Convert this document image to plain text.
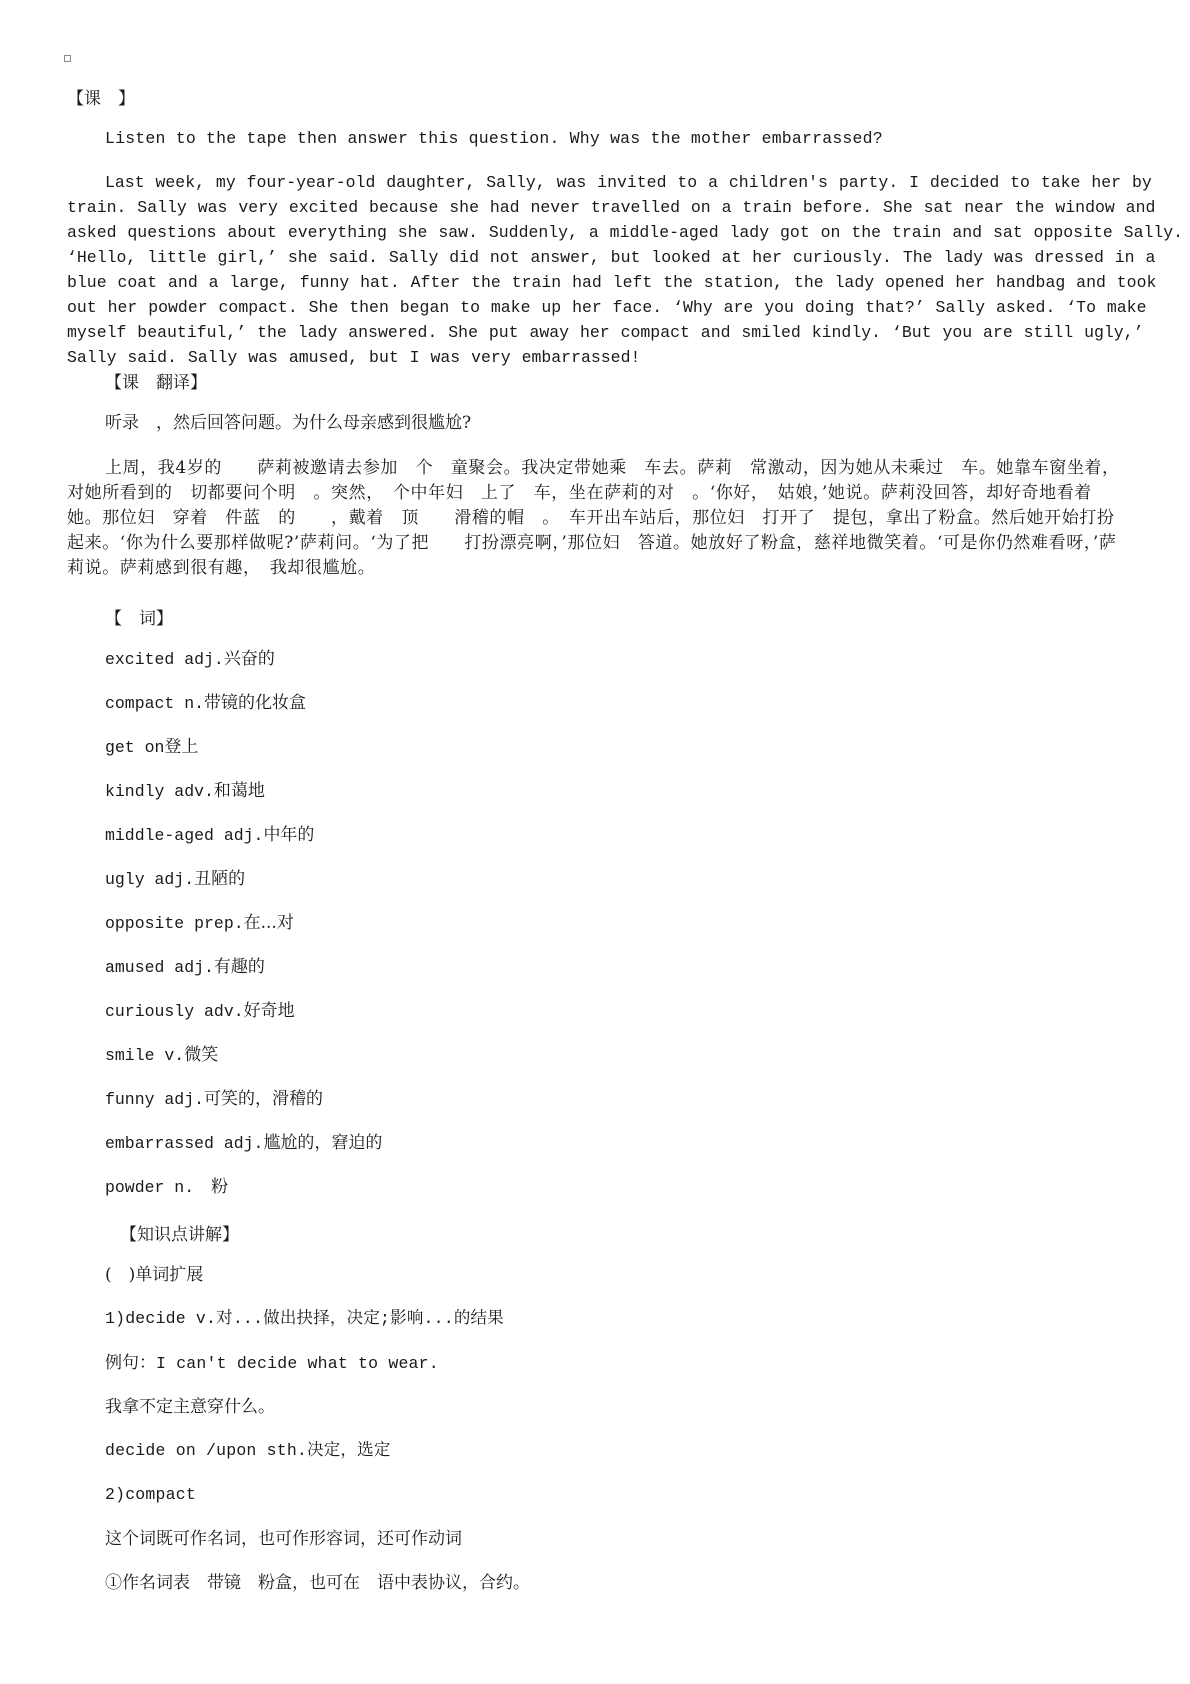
【课　】
Listen to the tape then answer this question. Why was the mother embarrassed?
Last week, my four-year-old daughter, Sally, was invited to a children's party. I decided to take her by train. Sally was very excited because she had never travelled on a train before. She sat near the window and asked questions about everything she saw. Suddenly, a middle-aged lady got on the train and sat opposite Sally. ‘Hello, little girl,’ she said. Sally did not answer, but looked at her curiously. The lady was dressed in a blue coat and a large, funny hat. After the train had left the station, the lady opened her handbag and took out her powder compact. She then began to make up her face. ‘Why are you doing that?’ Sally asked. ‘To make myself beautiful,’ the lady answered. She put away her compact and smiled kindly. ‘But you are still ugly,’ Sally said. Sally was amused, but I was very embarrassed!
【课　翻译】
听录　，然后回答问题。为什么母亲感到很尴尬?
上周，我4岁的　　萨莉被邀请去参加　个　童聚会。我决定带她乘　车去。萨莉　常激动，因为她从未乘过　车。她靠车窗坐着，对她所看到的　切都要问个明　。突然，　个中年妇　上了　车，坐在萨莉的对　。‘你好，　姑娘，’她说。萨莉没回答，却好奇地看着她。那位妇　穿着　件蓝　的　　，戴着　顶　　滑稽的帽　。　车开出车站后，那位妇　打开了　提包，拿出了粉盒。然后她开始打扮起来。‘你为什么要那样做呢?’萨莉问。‘为了把　　打扮漂亮啊，’那位妇　答道。她放好了粉盒，慈祥地微笑着。‘可是你仍然难看呀，’萨莉说。萨莉感到很有趣，　我却很尴尬。
【　词】
excited adj.兴奋的
compact n.带镜的化妆盒
get on登上
kindly adv.和蔼地
middle-aged adj.中年的
ugly adj.丑陋的
opposite prep.在...对
amused adj.有趣的
curiously adv.好奇地
smile v.微笑
funny adj.可笑的，滑稽的
embarrassed adj.尴尬的，窘迫的
powder n.　粉
【知识点讲解】
(　)单词扩展
1)decide v.对...做出抉择，决定;影响...的结果
例句：I can't decide what to wear.
我拿不定主意穿什么。
decide on /upon sth.决定，选定
2)compact
这个词既可作名词，也可作形容词，还可作动词
①作名词表　带镜　粉盒，也可在　语中表协议，合约。
